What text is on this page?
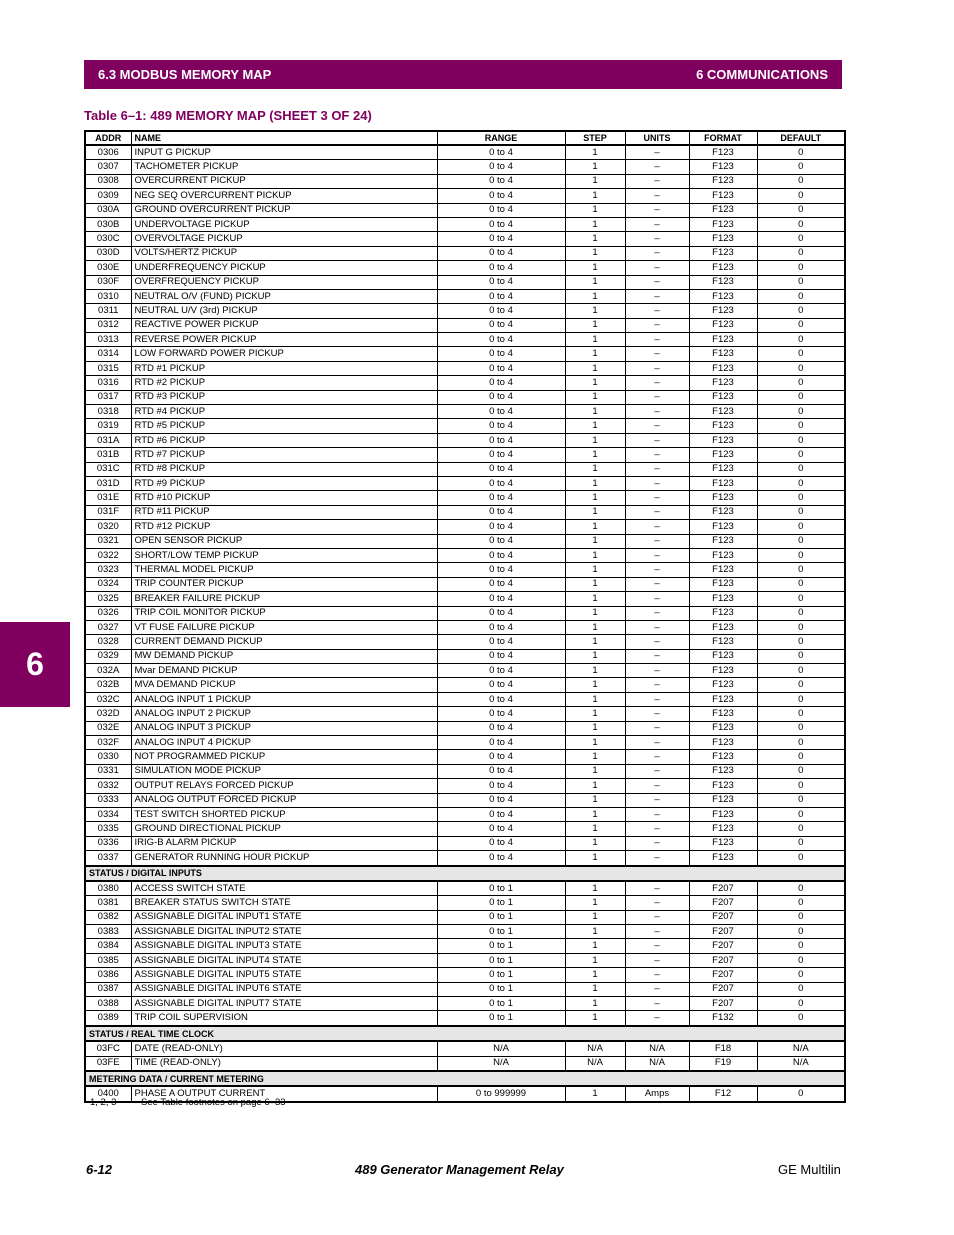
6.3 MODBUS MEMORY MAP	6 COMMUNICATIONS
6
Table 6–1: 489 MEMORY MAP (SHEET 3 OF 24)
ADDR	NAME	RANGE	STEP	UNITS	FORMAT	DEFAULT
0306	INPUT G PICKUP	0 to 4	1	–	F123	0
0307	TACHOMETER PICKUP	0 to 4	1	–	F123	0
0308	OVERCURRENT PICKUP	0 to 4	1	–	F123	0
0309	NEG SEQ OVERCURRENT PICKUP	0 to 4	1	–	F123	0
030A	GROUND OVERCURRENT PICKUP	0 to 4	1	–	F123	0
030B	UNDERVOLTAGE PICKUP	0 to 4	1	–	F123	0
030C	OVERVOLTAGE PICKUP	0 to 4	1	–	F123	0
030D	VOLTS/HERTZ PICKUP	0 to 4	1	–	F123	0
030E	UNDERFREQUENCY PICKUP	0 to 4	1	–	F123	0
030F	OVERFREQUENCY PICKUP	0 to 4	1	–	F123	0
0310	NEUTRAL O/V (FUND) PICKUP	0 to 4	1	–	F123	0
0311	NEUTRAL U/V (3rd) PICKUP	0 to 4	1	–	F123	0
0312	REACTIVE POWER PICKUP	0 to 4	1	–	F123	0
0313	REVERSE POWER PICKUP	0 to 4	1	–	F123	0
0314	LOW FORWARD POWER PICKUP	0 to 4	1	–	F123	0
0315	RTD #1 PICKUP	0 to 4	1	–	F123	0
0316	RTD #2 PICKUP	0 to 4	1	–	F123	0
0317	RTD #3 PICKUP	0 to 4	1	–	F123	0
0318	RTD #4 PICKUP	0 to 4	1	–	F123	0
0319	RTD #5 PICKUP	0 to 4	1	–	F123	0
031A	RTD #6 PICKUP	0 to 4	1	–	F123	0
031B	RTD #7 PICKUP	0 to 4	1	–	F123	0
031C	RTD #8 PICKUP	0 to 4	1	–	F123	0
031D	RTD #9 PICKUP	0 to 4	1	–	F123	0
031E	RTD #10 PICKUP	0 to 4	1	–	F123	0
031F	RTD #11 PICKUP	0 to 4	1	–	F123	0
0320	RTD #12 PICKUP	0 to 4	1	–	F123	0
0321	OPEN SENSOR PICKUP	0 to 4	1	–	F123	0
0322	SHORT/LOW TEMP PICKUP	0 to 4	1	–	F123	0
0323	THERMAL MODEL PICKUP	0 to 4	1	–	F123	0
0324	TRIP COUNTER PICKUP	0 to 4	1	–	F123	0
0325	BREAKER FAILURE PICKUP	0 to 4	1	–	F123	0
0326	TRIP COIL MONITOR PICKUP	0 to 4	1	–	F123	0
0327	VT FUSE FAILURE PICKUP	0 to 4	1	–	F123	0
0328	CURRENT DEMAND PICKUP	0 to 4	1	–	F123	0
0329	MW DEMAND PICKUP	0 to 4	1	–	F123	0
032A	Mvar DEMAND PICKUP	0 to 4	1	–	F123	0
032B	MVA DEMAND PICKUP	0 to 4	1	–	F123	0
032C	ANALOG INPUT 1 PICKUP	0 to 4	1	–	F123	0
032D	ANALOG INPUT 2 PICKUP	0 to 4	1	–	F123	0
032E	ANALOG INPUT 3 PICKUP	0 to 4	1	–	F123	0
032F	ANALOG INPUT 4 PICKUP	0 to 4	1	–	F123	0
0330	NOT PROGRAMMED PICKUP	0 to 4	1	–	F123	0
0331	SIMULATION MODE PICKUP	0 to 4	1	–	F123	0
0332	OUTPUT RELAYS FORCED PICKUP	0 to 4	1	–	F123	0
0333	ANALOG OUTPUT FORCED PICKUP	0 to 4	1	–	F123	0
0334	TEST SWITCH SHORTED PICKUP	0 to 4	1	–	F123	0
0335	GROUND DIRECTIONAL PICKUP	0 to 4	1	–	F123	0
0336	IRIG-B ALARM PICKUP	0 to 4	1	–	F123	0
0337	GENERATOR RUNNING HOUR PICKUP	0 to 4	1	–	F123	0
STATUS / DIGITAL INPUTS						
0380	ACCESS SWITCH STATE	0 to 1	1	–	F207	0
0381	BREAKER STATUS SWITCH STATE	0 to 1	1	–	F207	0
0382	ASSIGNABLE DIGITAL INPUT1 STATE	0 to 1	1	–	F207	0
0383	ASSIGNABLE DIGITAL INPUT2 STATE	0 to 1	1	–	F207	0
0384	ASSIGNABLE DIGITAL INPUT3 STATE	0 to 1	1	–	F207	0
0385	ASSIGNABLE DIGITAL INPUT4 STATE	0 to 1	1	–	F207	0
0386	ASSIGNABLE DIGITAL INPUT5 STATE	0 to 1	1	–	F207	0
0387	ASSIGNABLE DIGITAL INPUT6 STATE	0 to 1	1	–	F207	0
0388	ASSIGNABLE DIGITAL INPUT7 STATE	0 to 1	1	–	F207	0
0389	TRIP COIL SUPERVISION	0 to 1	1	–	F132	0
STATUS / REAL TIME CLOCK						
03FC	DATE (READ-ONLY)	N/A	N/A	N/A	F18	N/A
03FE	TIME (READ-ONLY)	N/A	N/A	N/A	F19	N/A
METERING DATA / CURRENT METERING						
0400	PHASE A OUTPUT CURRENT	0 to 999999	1	Amps	F12	0
1, 2, 3	See Table footnotes on page 6–33
6-12	489 Generator Management Relay	GE Multilin
